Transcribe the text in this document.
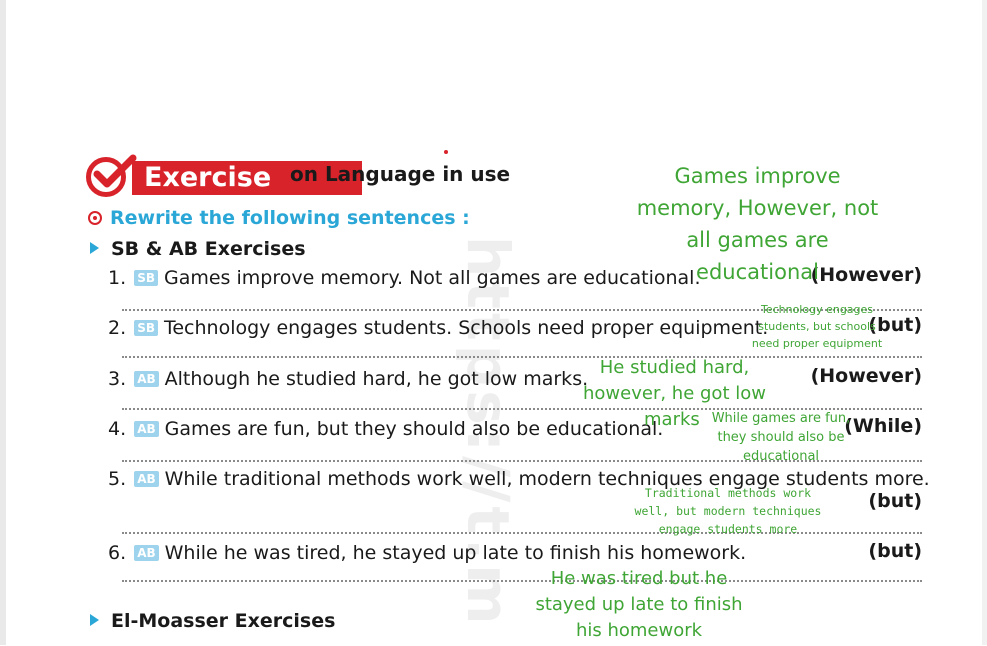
https://t.m
Exercise on Language in use
Rewrite the following sentences :
SB & AB Exercises
1. SB Games improve memory. Not all games are educational.	(However)
2. SB Technology engages students. Schools need proper equipment.	(but)
3. AB Although he studied hard, he got low marks.	(However)
4. AB Games are fun, but they should also be educational.	(While)
5. AB While traditional methods work well, modern techniques engage students more.
(but)
6. AB While he was tired, he stayed up late to finish his homework.	(but)
El-Moasser Exercises
Games improve
memory, However, not
all games are
educational
Technology engages
students, but schools
need proper equipment
He studied hard,
however, he got low
marks While games are fun,
they should also be
educational
Traditional methods work
well, but modern techniques
engage students more
He was tired but he
stayed up late to finish
his homework
